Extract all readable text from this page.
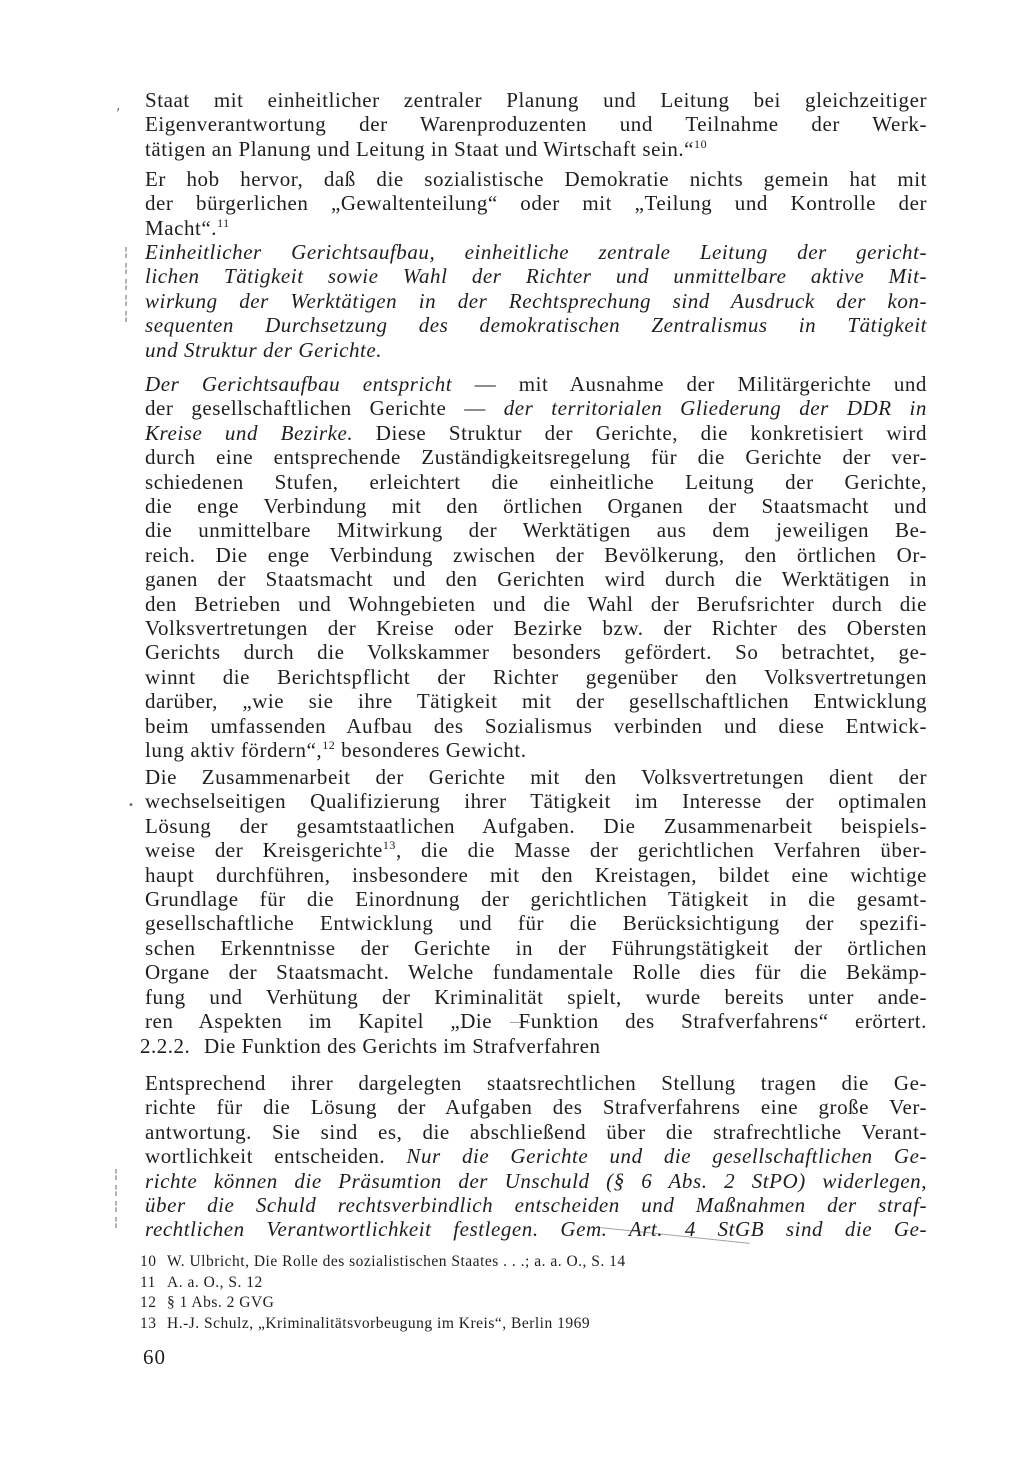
Staat mit einheitlicher zentraler Planung und Leitung bei gleichzeitiger
Eigenverantwortung der Warenproduzenten und Teilnahme der Werk-
tätigen an Planung und Leitung in Staat und Wirtschaft sein.“$^{10}$
Er hob hervor, daß die sozialistische Demokratie nichts gemein hat mit
der bürgerlichen „Gewaltenteilung“ oder mit „Teilung und Kontrolle der
Macht“.$^{11}$
Einheitlicher Gerichtsaufbau, einheitliche zentrale Leitung der gericht-
lichen Tätigkeit sowie Wahl der Richter und unmittelbare aktive Mit-
wirkung der Werktätigen in der Rechtsprechung sind Ausdruck der kon-
sequenten Durchsetzung des demokratischen Zentralismus in Tätigkeit
und Struktur der Gerichte.
Der Gerichtsaufbau entspricht — mit Ausnahme der Militärgerichte und
der gesellschaftlichen Gerichte — der territorialen Gliederung der DDR in
Kreise und Bezirke. Diese Struktur der Gerichte, die konkretisiert wird
durch eine entsprechende Zuständigkeitsregelung für die Gerichte der ver-
schiedenen Stufen, erleichtert die einheitliche Leitung der Gerichte,
die enge Verbindung mit den örtlichen Organen der Staatsmacht und
die unmittelbare Mitwirkung der Werktätigen aus dem jeweiligen Be-
reich. Die enge Verbindung zwischen der Bevölkerung, den örtlichen Or-
ganen der Staatsmacht und den Gerichten wird durch die Werktätigen in
den Betrieben und Wohngebieten und die Wahl der Berufsrichter durch die
Volksvertretungen der Kreise oder Bezirke bzw. der Richter des Obersten
Gerichts durch die Volkskammer besonders gefördert. So betrachtet, ge-
winnt die Berichtspflicht der Richter gegenüber den Volksvertretungen
darüber, „wie sie ihre Tätigkeit mit der gesellschaftlichen Entwicklung
beim umfassenden Aufbau des Sozialismus verbinden und diese Entwick-
lung aktiv fördern“,$^{12}$ besonderes Gewicht.
Die Zusammenarbeit der Gerichte mit den Volksvertretungen dient der
wechselseitigen Qualifizierung ihrer Tätigkeit im Interesse der optimalen
Lösung der gesamtstaatlichen Aufgaben. Die Zusammenarbeit beispiels-
weise der Kreisgerichte$^{13}$, die die Masse der gerichtlichen Verfahren über-
haupt durchführen, insbesondere mit den Kreistagen, bildet eine wichtige
Grundlage für die Einordnung der gerichtlichen Tätigkeit in die gesamt-
gesellschaftliche Entwicklung und für die Berücksichtigung der spezifi-
schen Erkenntnisse der Gerichte in der Führungstätigkeit der örtlichen
Organe der Staatsmacht. Welche fundamentale Rolle dies für die Bekämp-
fung und Verhütung der Kriminalität spielt, wurde bereits unter ande-
ren Aspekten im Kapitel „Die Funktion des Strafverfahrens“ erörtert.
2.2.2. Die Funktion des Gerichts im Strafverfahren
Entsprechend ihrer dargelegten staatsrechtlichen Stellung tragen die Ge-
richte für die Lösung der Aufgaben des Strafverfahrens eine große Ver-
antwortung. Sie sind es, die abschließend über die strafrechtliche Verant-
wortlichkeit entscheiden. Nur die Gerichte und die gesellschaftlichen Ge-
richte können die Präsumtion der Unschuld (§ 6 Abs. 2 StPO) widerlegen,
über die Schuld rechtsverbindlich entscheiden und Maßnahmen der straf-
rechtlichen Verantwortlichkeit festlegen. Gem. Art. 4 StGB sind die Ge-
10 W. Ulbricht, Die Rolle des sozialistischen Staates . . .; a. a. O., S. 14
11 A. a. O., S. 12
12 § 1 Abs. 2 GVG
13 H.-J. Schulz, „Kriminalitätsvorbeugung im Kreis“, Berlin 1969
60
,
¦
¦
¦
¦
¦
•
¦
¦
¦
¦
